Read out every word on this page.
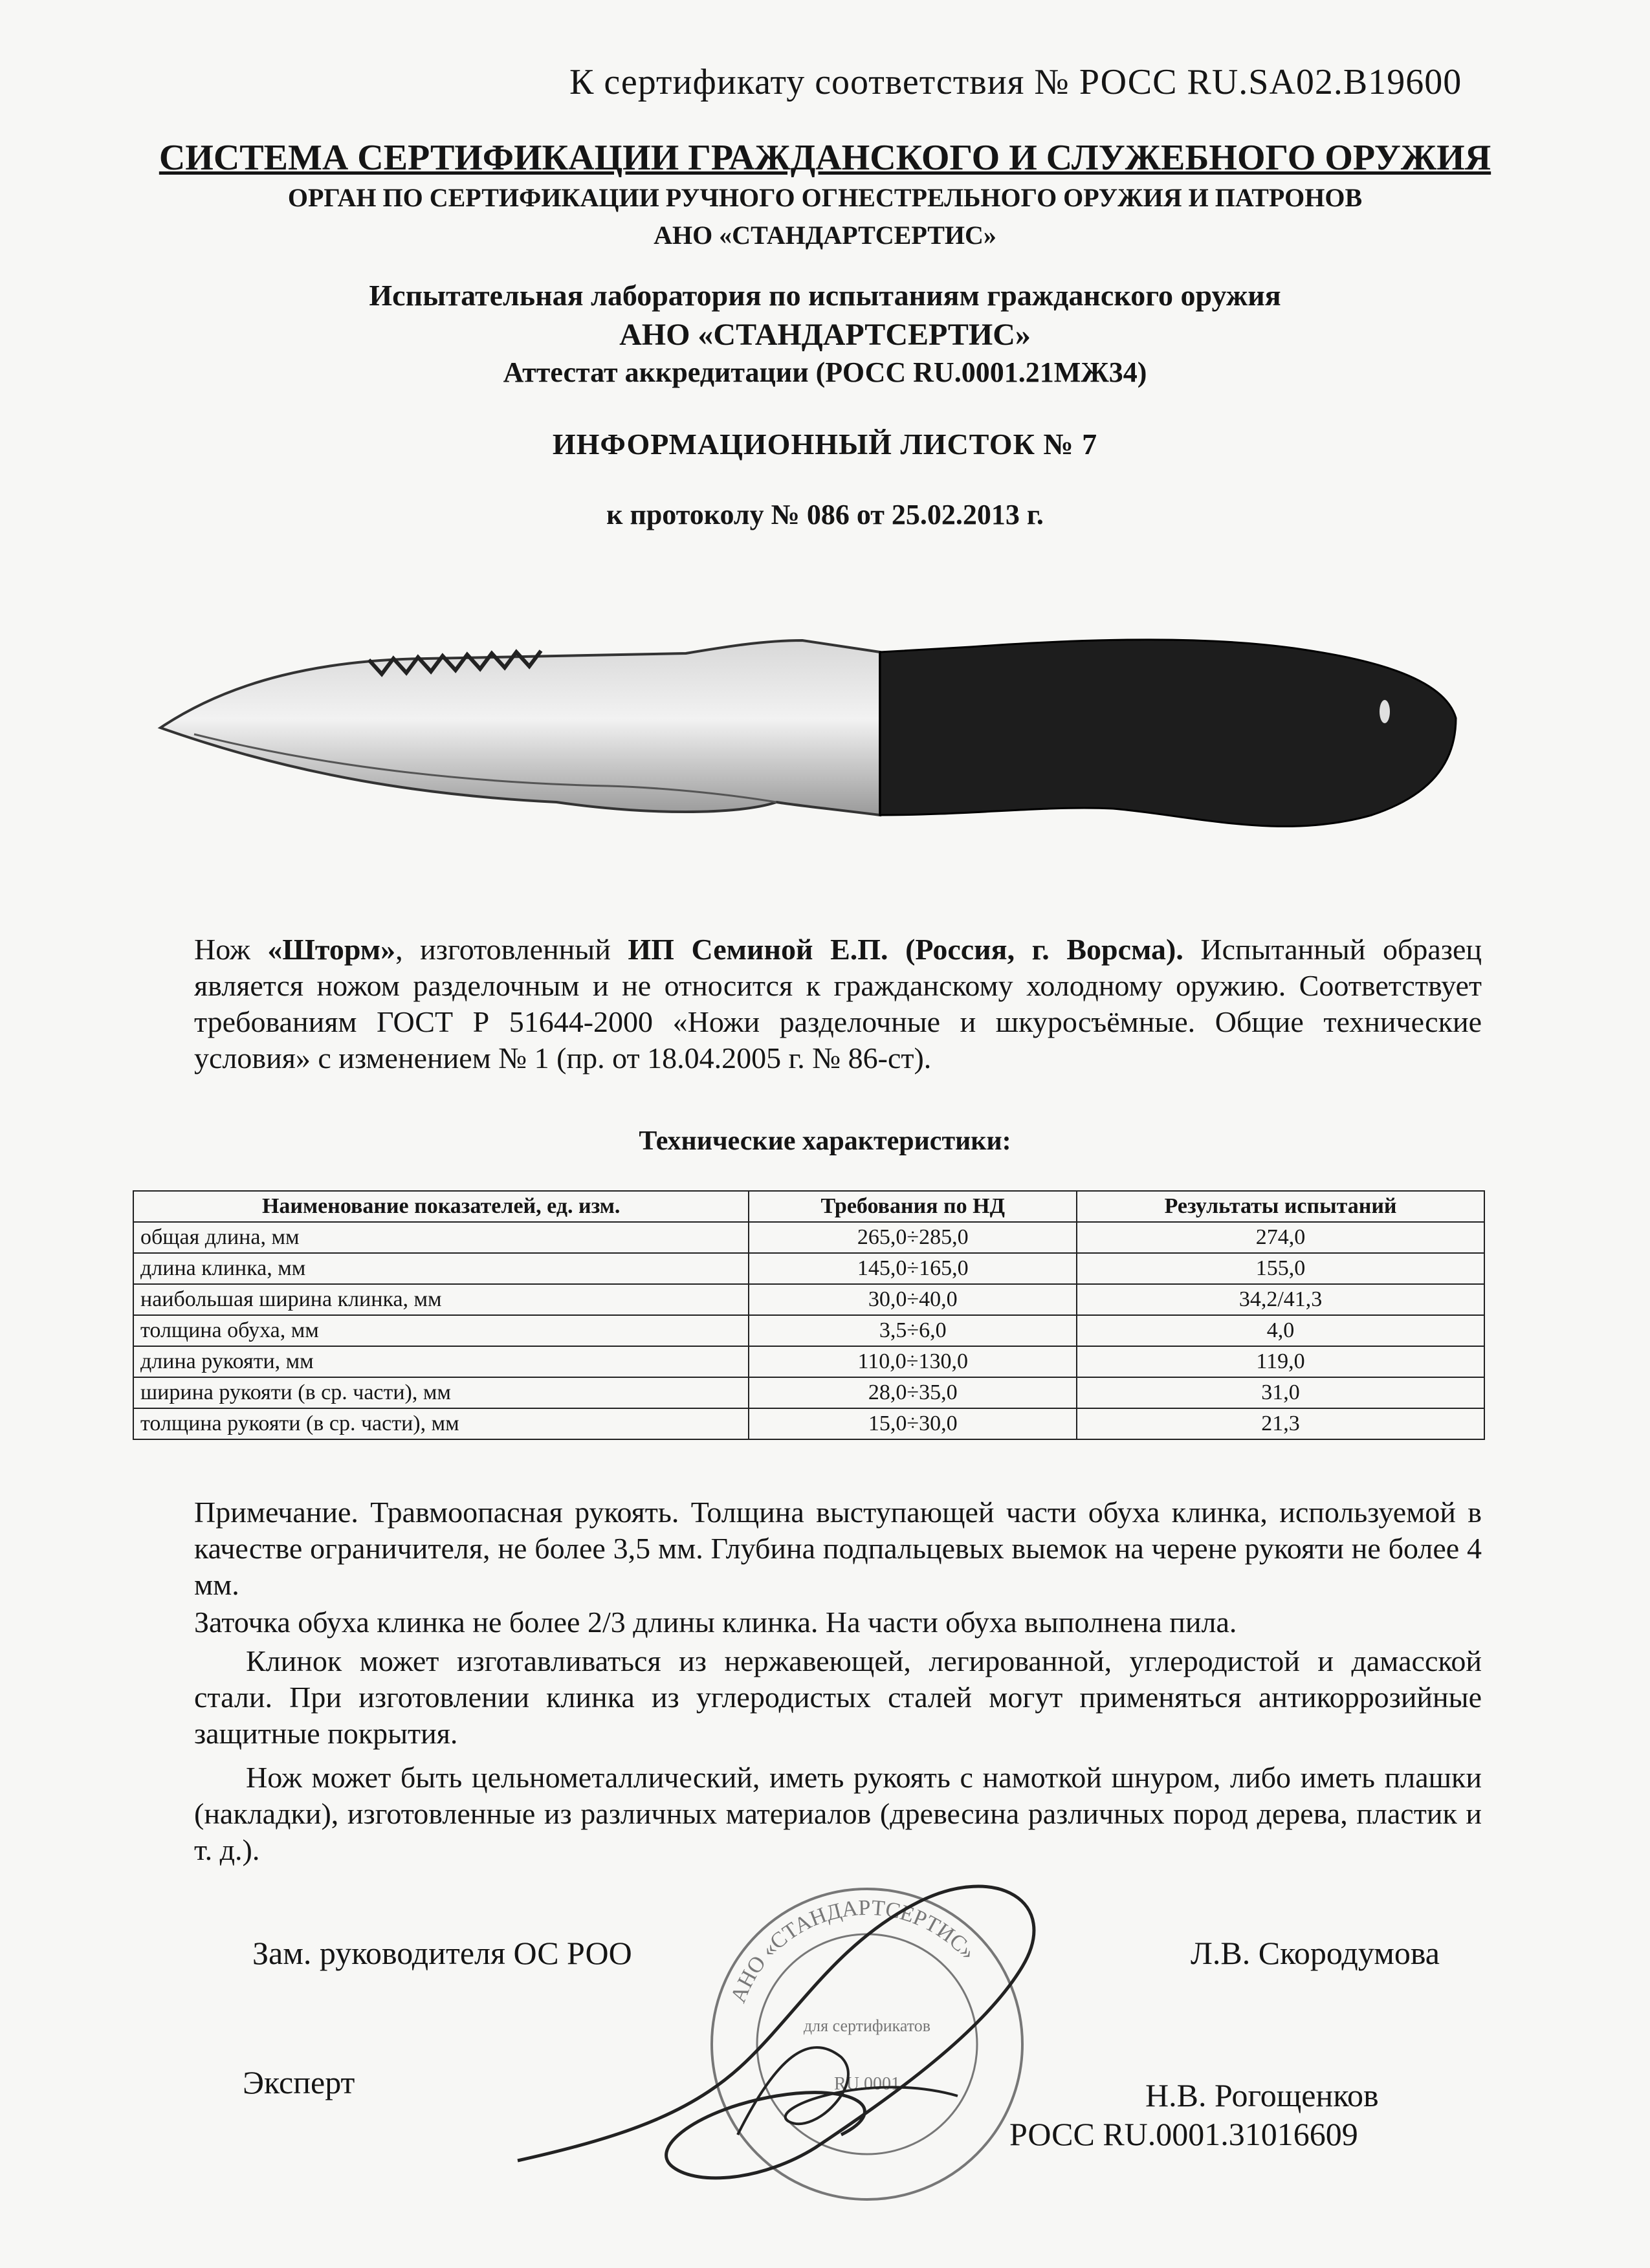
К сертификату соответствия № РОСС RU.SA02.B19600
СИСТЕМА СЕРТИФИКАЦИИ ГРАЖДАНСКОГО И СЛУЖЕБНОГО ОРУЖИЯ
ОРГАН ПО СЕРТИФИКАЦИИ РУЧНОГО ОГНЕСТРЕЛЬНОГО ОРУЖИЯ И ПАТРОНОВ
АНО «СТАНДАРТСЕРТИС»
Испытательная лаборатория по испытаниям гражданского оружия
АНО «СТАНДАРТСЕРТИС»
Аттестат аккредитации (РОСС RU.0001.21МЖ34)
ИНФОРМАЦИОННЫЙ ЛИСТОК № 7
к протоколу № 086 от 25.02.2013 г.
Нож «Шторм», изготовленный ИП Семиной Е.П. (Россия, г. Ворсма). Испытанный образец является ножом разделочным и не относится к гражданскому холодному оружию. Соответствует требованиям ГОСТ Р 51644-2000 «Ножи разделочные и шкуросъёмные. Общие технические условия» с изменением № 1 (пр. от 18.04.2005 г. № 86-ст).
Технические характеристики:
Наименование показателей, ед. изм.	Требования по НД	Результаты испытаний
общая длина, мм	265,0÷285,0	274,0
длина клинка, мм	145,0÷165,0	155,0
наибольшая ширина клинка, мм	30,0÷40,0	34,2/41,3
толщина обуха, мм	3,5÷6,0	4,0
длина рукояти, мм	110,0÷130,0	119,0
ширина рукояти (в ср. части), мм	28,0÷35,0	31,0
толщина рукояти (в ср. части), мм	15,0÷30,0	21,3
Примечание. Травмоопасная рукоять. Толщина выступающей части обуха клинка, используемой в качестве ограничителя, не более 3,5 мм. Глубина подпальцевых выемок на черене рукояти не более 4 мм.
Заточка обуха клинка не более 2/3 длины клинка. На части обуха выполнена пила.
Клинок может изготавливаться из нержавеющей, легированной, углеродистой и дамасской стали. При изготовлении клинка из углеродистых сталей могут применяться антикоррозийные защитные покрытия.
Нож может быть цельнометаллический, иметь рукоять с намоткой шнуром, либо иметь плашки (накладки), изготовленные из различных материалов (древесина различных пород дерева, пластик и т. д.).
АНО «СТАНДАРТСЕРТИС»
для сертификатов
RU.0001
Зам. руководителя ОС РОО	Л.В. Скородумова
Эксперт	Н.В. Рогощенков
РОСС RU.0001.31016609
